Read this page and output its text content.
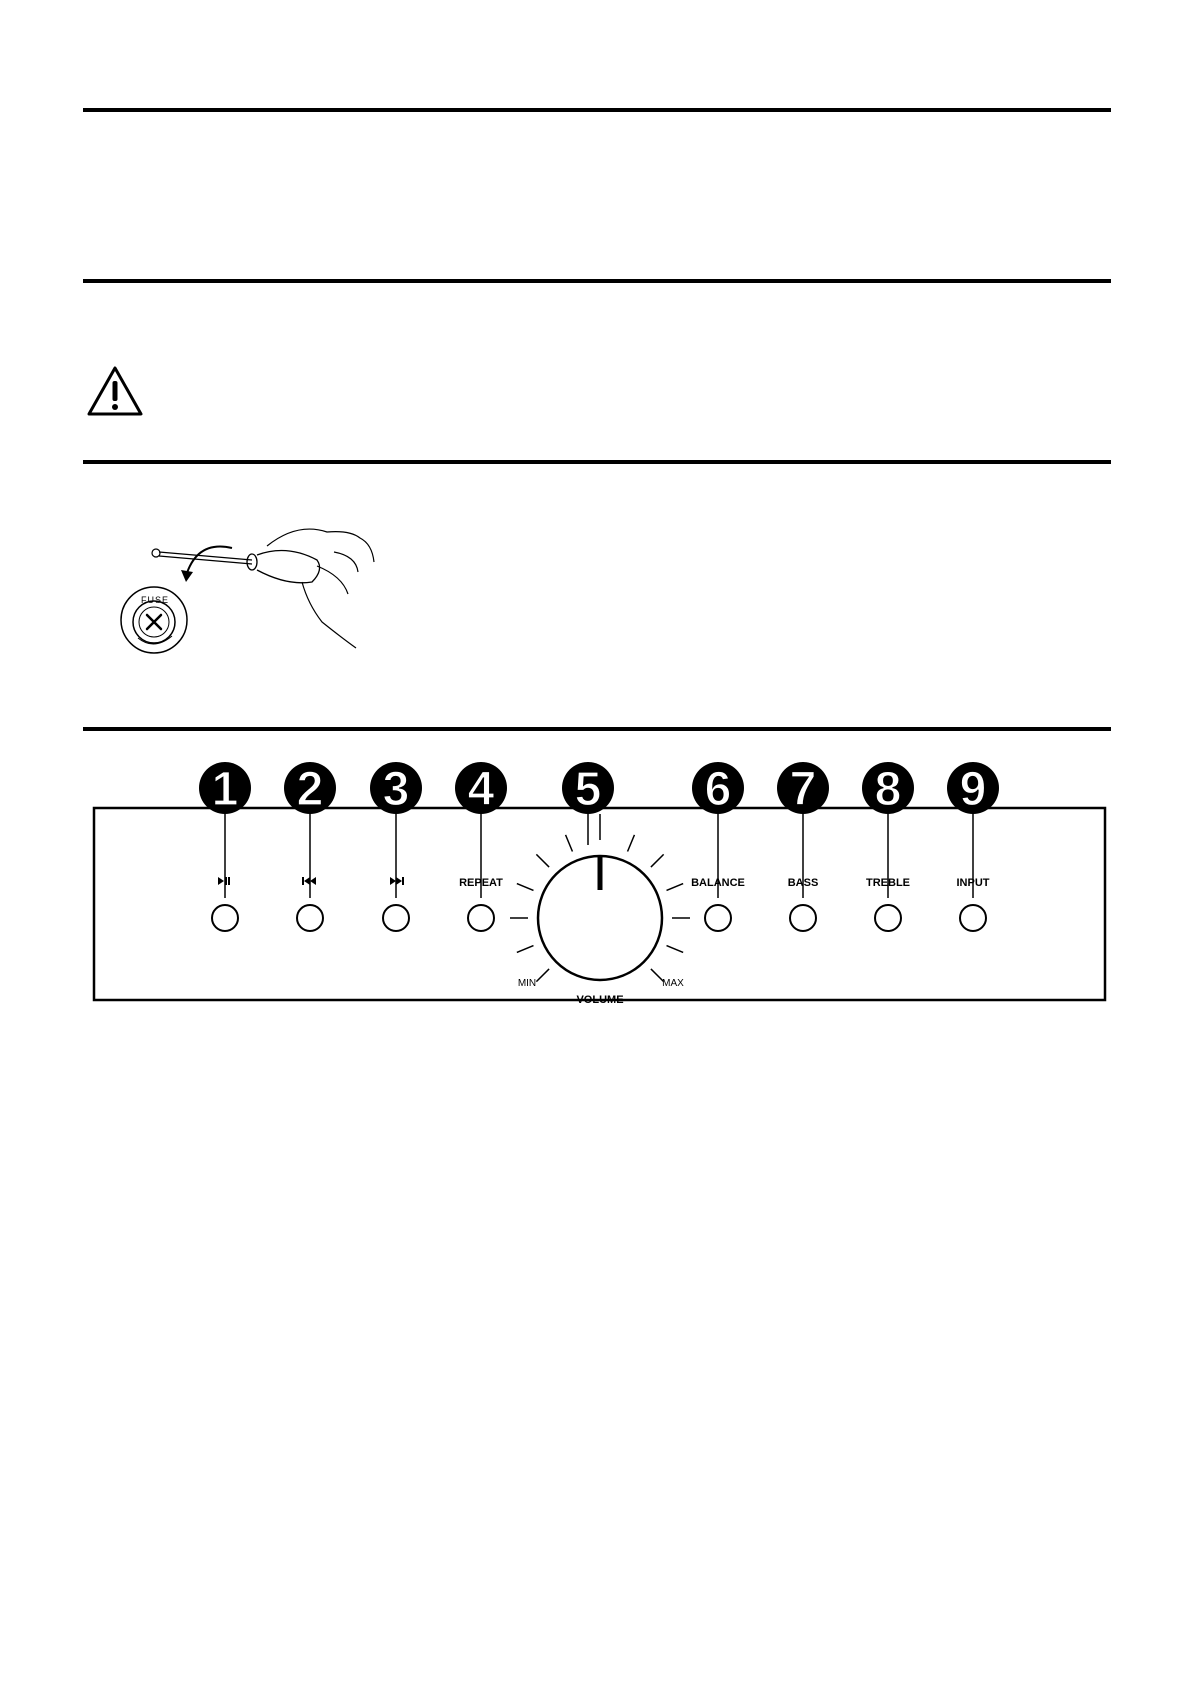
FUSE
1 2 3 4 5 6 7 8 9
REPEAT	BALANCE	BASS	TREBLE	INPUT
VOLUME
MIN	MAX
